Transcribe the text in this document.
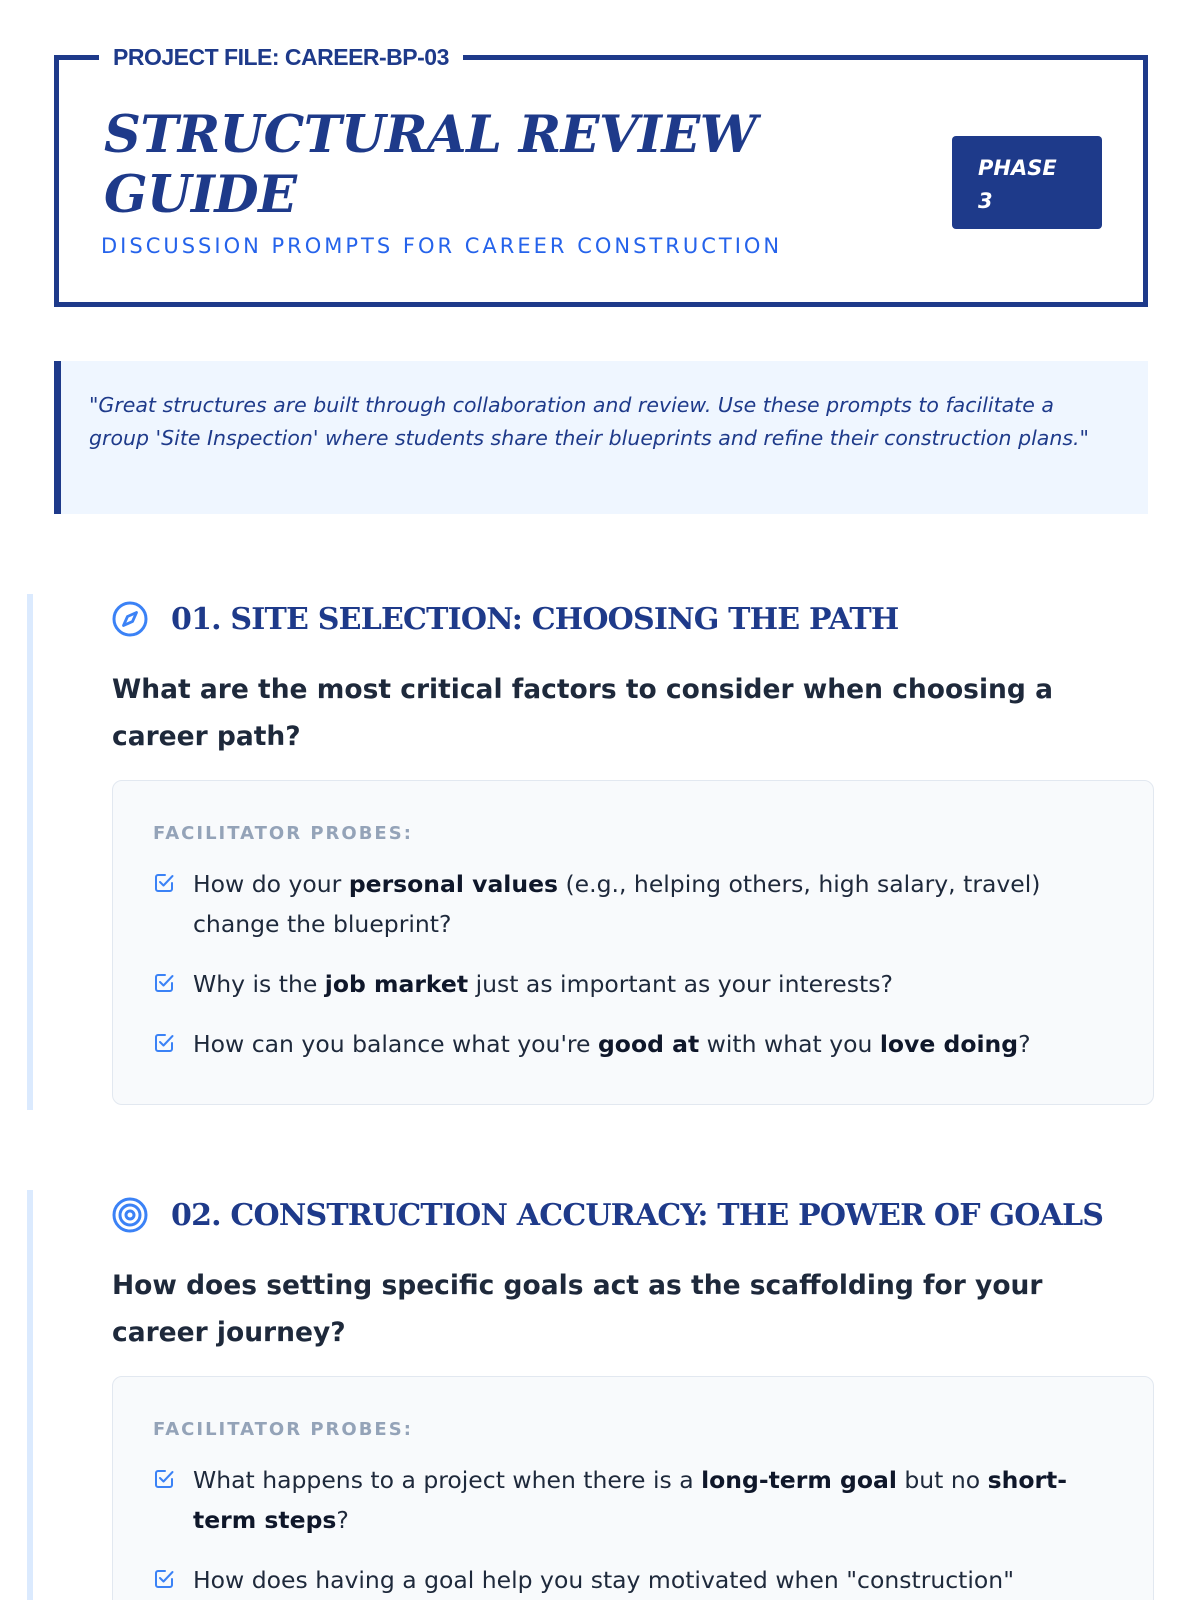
PROJECT FILE: CAREER-BP-03
STRUCTURAL REVIEW GUIDE
DISCUSSION PROMPTS FOR CAREER CONSTRUCTION
PHASE
3

"Great structures are built through collaboration and review. Use these prompts to facilitate a group 'Site Inspection' where students share their blueprints and refine their construction plans."

01. SITE SELECTION: CHOOSING THE PATH

What are the most critical factors to consider when choosing a career path?

FACILITATOR PROBES:
How do your personal values (e.g., helping others, high salary, travel) change the blueprint?
Why is the job market just as important as your interests?
How can you balance what you're good at with what you love doing?
02. CONSTRUCTION ACCURACY: THE POWER OF GOALS

How does setting specific goals act as the scaffolding for your career journey?

FACILITATOR PROBES:
What happens to a project when there is a long-term goal but no short-term steps?
How does having a goal help you stay motivated when "construction"
